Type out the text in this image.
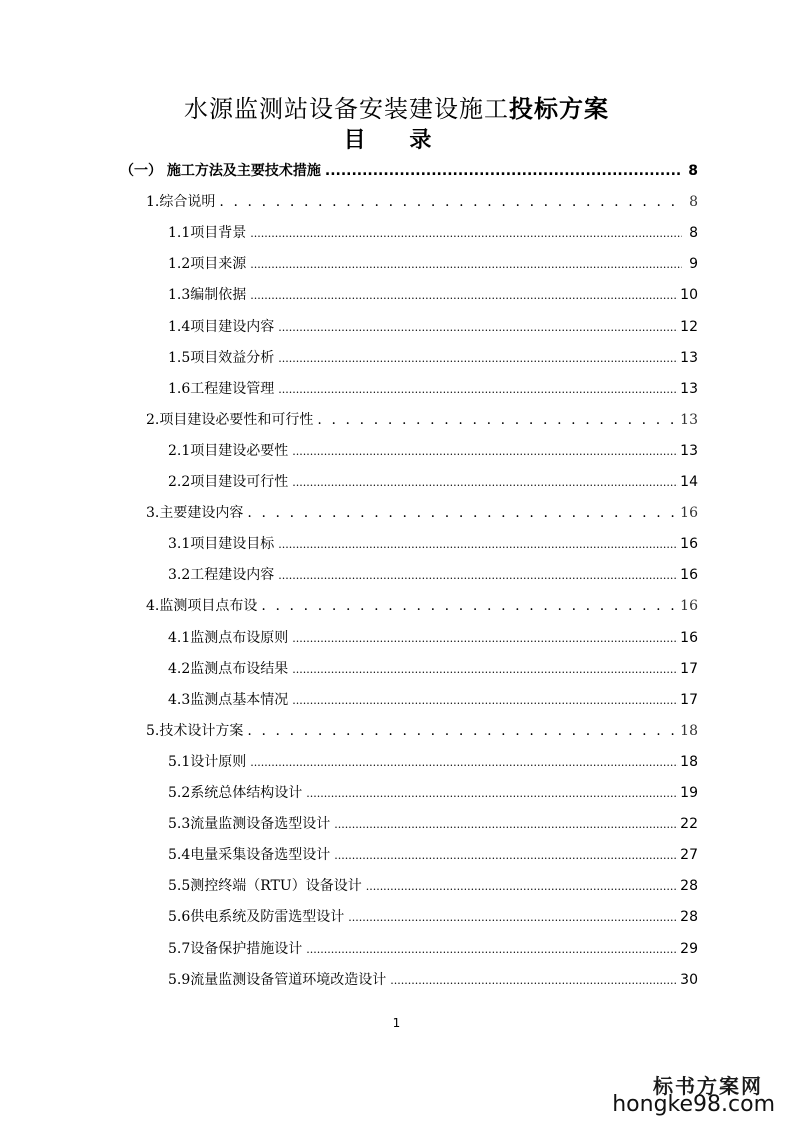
水源监测站设备安装建设施工投标方案
目 录
（一） 施工方法及主要技术措施 .....	8
1.综合说明 . . .	8
1.1项目背景 .....	8
1.2项目来源 .....	9
1.3编制依据 .....	10
1.4项目建设内容 .....	12
1.5项目效益分析 .....	13
1.6工程建设管理 .....	13
2.项目建设必要性和可行性 . . .	13
2.1项目建设必要性 .....	13
2.2项目建设可行性 .....	14
3.主要建设内容 . . .	16
3.1项目建设目标 .....	16
3.2工程建设内容 .....	16
4.监测项目点布设 . . .	16
4.1监测点布设原则 .....	16
4.2监测点布设结果 .....	17
4.3监测点基本情况 .....	17
5.技术设计方案 . . .	18
5.1设计原则 .....	18
5.2系统总体结构设计 .....	19
5.3流量监测设备选型设计 .....	22
5.4电量采集设备选型设计 .....	27
5.5测控终端（RTU）设备设计 .....	28
5.6供电系统及防雷选型设计 .....	28
5.7设备保护措施设计 .....	29
5.9流量监测设备管道环境改造设计 .....	30
1
标书方案网
hongke98.com
